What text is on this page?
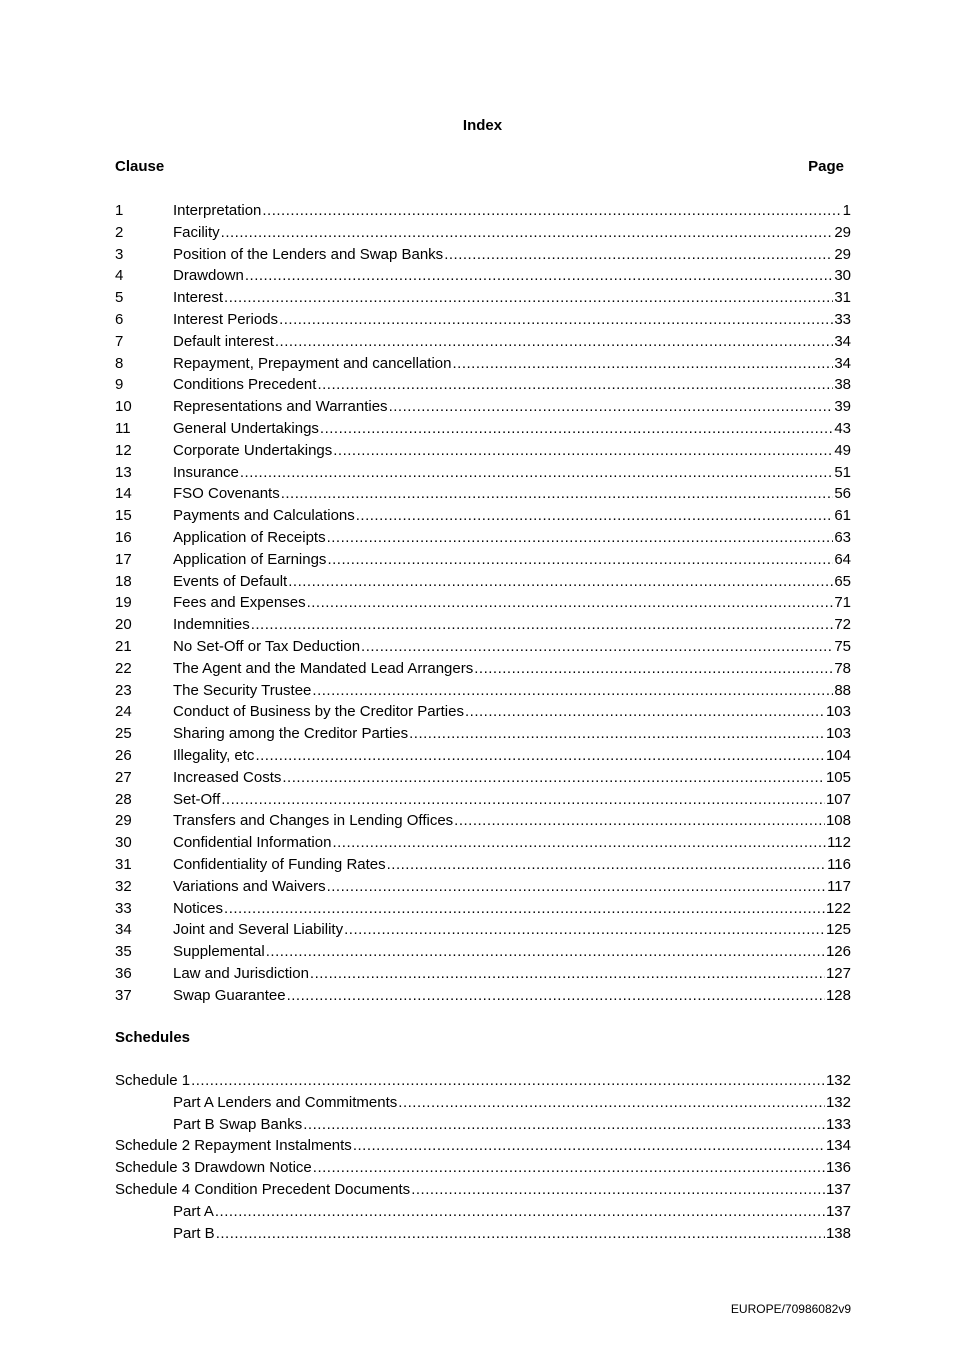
Index
Clause	Page
1	Interpretation .....	1
2	Facility .....	29
3	Position of the Lenders and Swap Banks .....	29
4	Drawdown .....	30
5	Interest .....	31
6	Interest Periods .....	33
7	Default interest .....	34
8	Repayment, Prepayment and cancellation .....	34
9	Conditions Precedent .....	38
10	Representations and Warranties .....	39
11	General Undertakings .....	43
12	Corporate Undertakings .....	49
13	Insurance .....	51
14	FSO Covenants .....	56
15	Payments and Calculations .....	61
16	Application of Receipts .....	63
17	Application of Earnings .....	64
18	Events of Default .....	65
19	Fees and Expenses .....	71
20	Indemnities .....	72
21	No Set-Off or Tax Deduction .....	75
22	The Agent and the Mandated Lead Arrangers .....	78
23	The Security Trustee .....	88
24	Conduct of Business by the Creditor Parties .....	103
25	Sharing among the Creditor Parties .....	103
26	Illegality, etc .....	104
27	Increased Costs .....	105
28	Set-Off .....	107
29	Transfers and Changes in Lending Offices .....	108
30	Confidential Information .....	112
31	Confidentiality of Funding Rates .....	116
32	Variations and Waivers .....	117
33	Notices .....	122
34	Joint and Several Liability .....	125
35	Supplemental .....	126
36	Law and Jurisdiction .....	127
37	Swap Guarantee .....	128
Schedules
Schedule 1 .....	132
Part A Lenders and Commitments .....	132
Part B Swap Banks .....	133
Schedule 2 Repayment Instalments .....	134
Schedule 3 Drawdown Notice .....	136
Schedule 4 Condition Precedent Documents .....	137
Part A .....	137
Part B .....	138
EUROPE/70986082v9
